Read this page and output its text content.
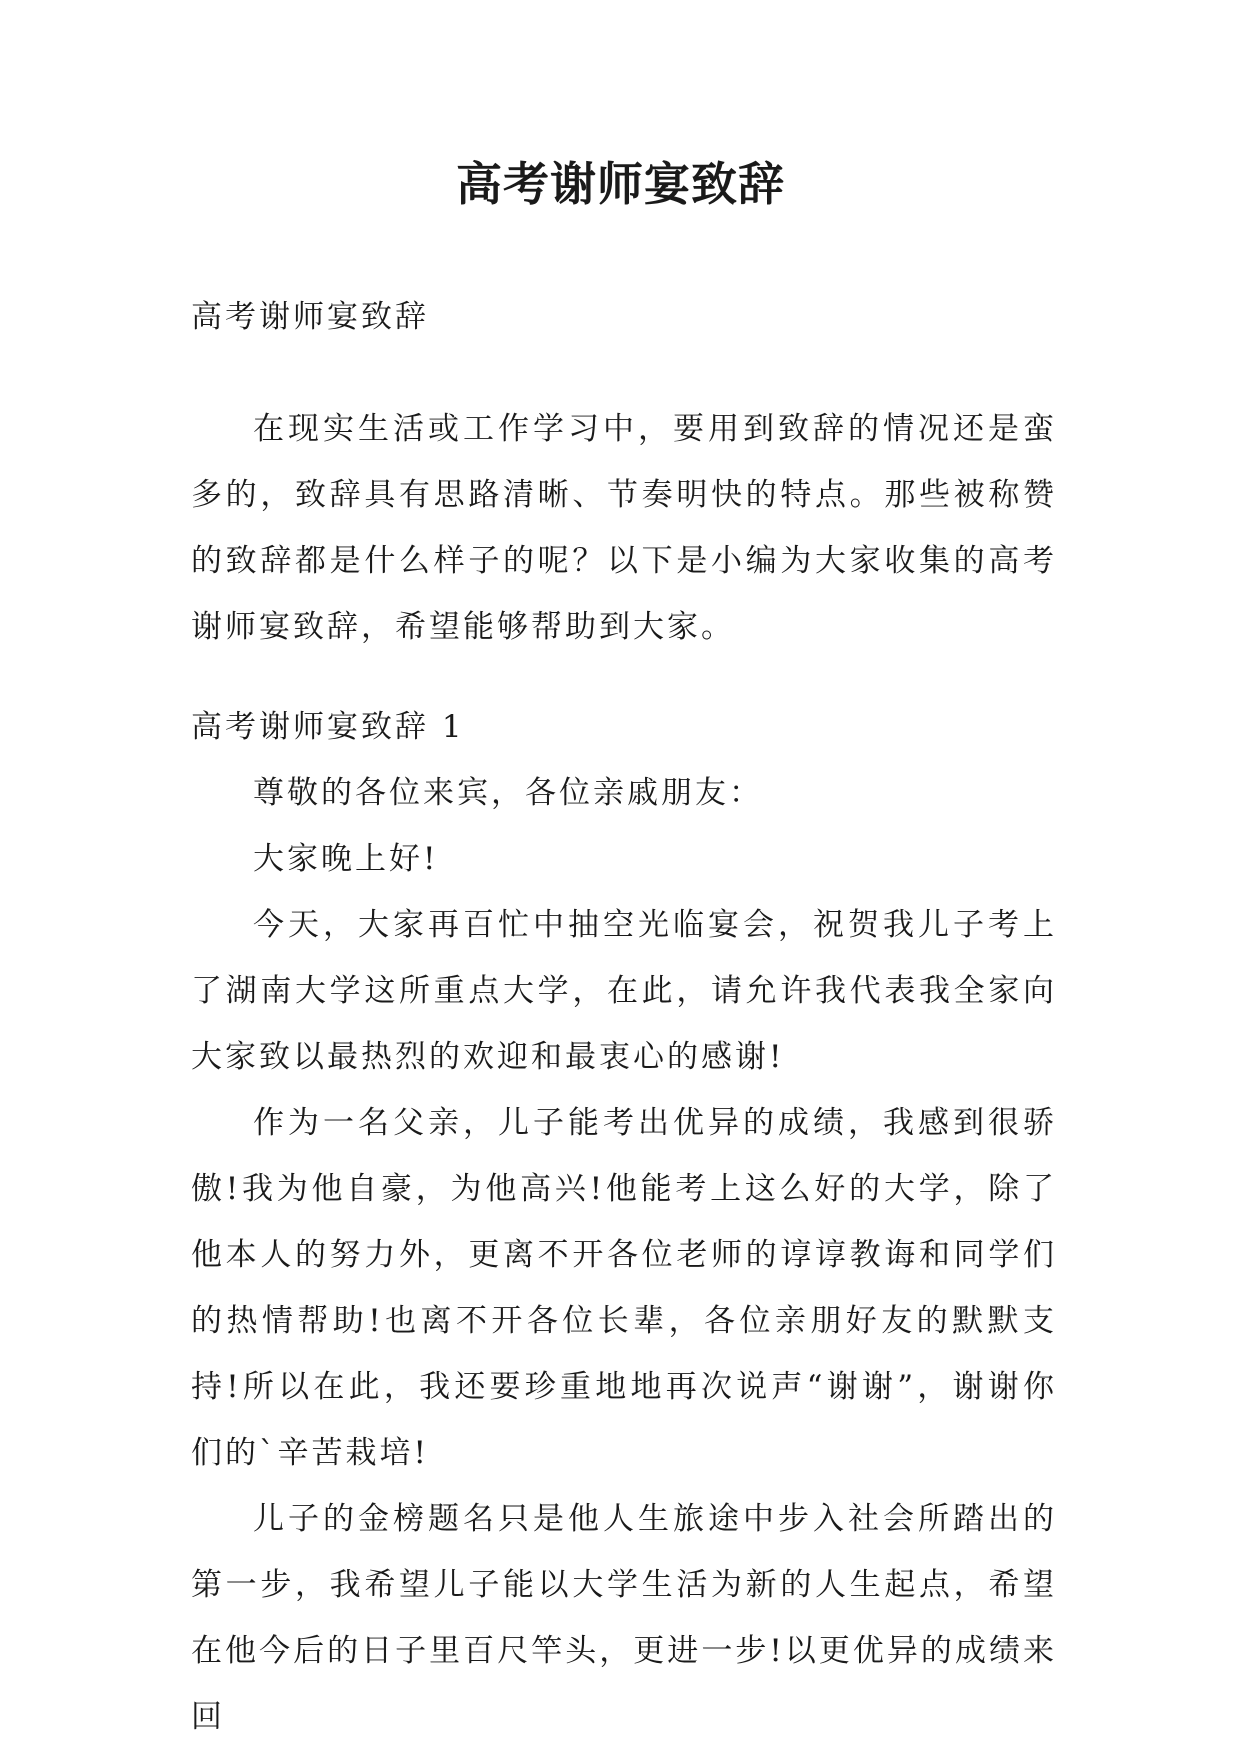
高考谢师宴致辞

高考谢师宴致辞

在现实生活或工作学习中，要用到致辞的情况还是蛮多的，致辞具有思路清晰、节奏明快的特点。那些被称赞的致辞都是什么样子的呢？以下是小编为大家收集的高考谢师宴致辞，希望能够帮助到大家。

高考谢师宴致辞 1

尊敬的各位来宾，各位亲戚朋友：

大家晚上好!

今天，大家再百忙中抽空光临宴会，祝贺我儿子考上了湖南大学这所重点大学，在此，请允许我代表我全家向大家致以最热烈的欢迎和最衷心的感谢!

作为一名父亲，儿子能考出优异的成绩，我感到很骄傲!我为他自豪，为他高兴!他能考上这么好的大学，除了他本人的努力外，更离不开各位老师的谆谆教诲和同学们的热情帮助!也离不开各位长辈，各位亲朋好友的默默支持!所以在此，我还要珍重地地再次说声“谢谢”，谢谢你们的`辛苦栽培!

儿子的金榜题名只是他人生旅途中步入社会所踏出的第一步，我希望儿子能以大学生活为新的人生起点，希望在他今后的日子里百尺竿头，更进一步!以更优异的成绩来回
